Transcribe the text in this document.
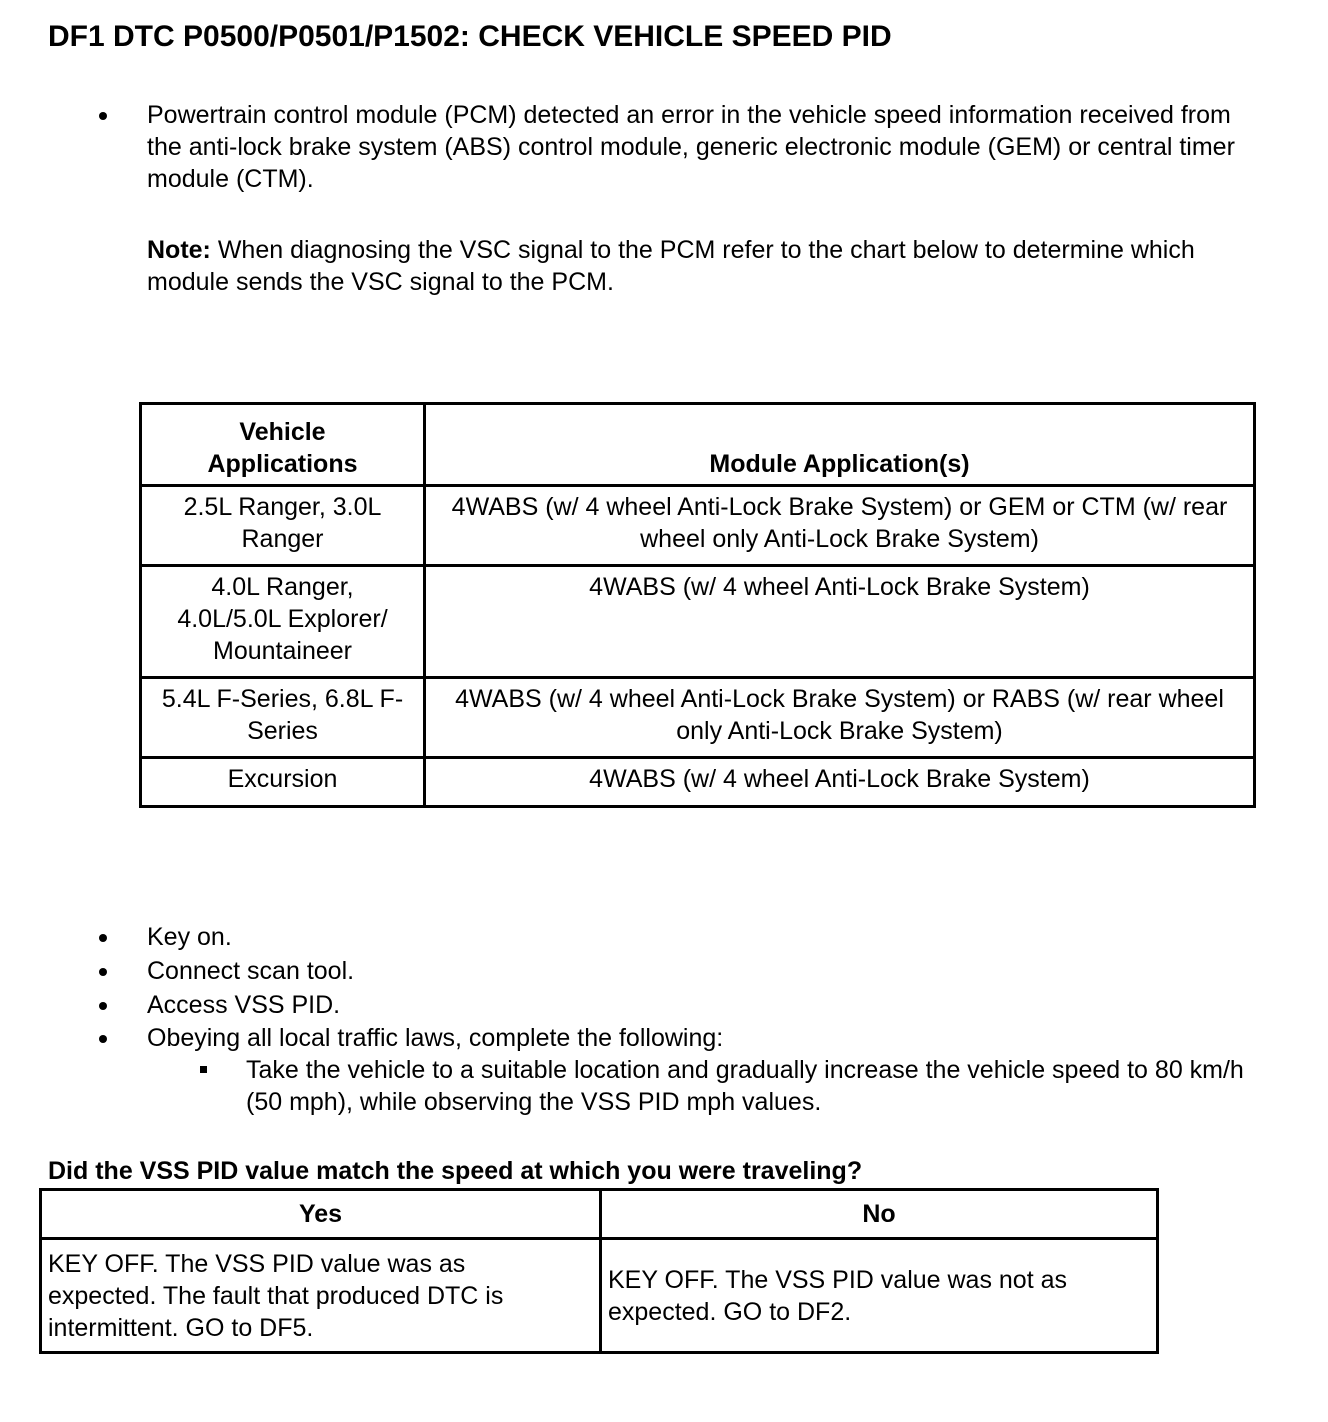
DF1 DTC P0500/P0501/P1502: CHECK VEHICLE SPEED PID
Powertrain control module (PCM) detected an error in the vehicle speed information received from the anti-lock brake system (ABS) control module, generic electronic module (GEM) or central timer module (CTM).
Note: When diagnosing the VSC signal to the PCM refer to the chart below to determine which module sends the VSC signal to the PCM.
Vehicle Applications	Module Application(s)
2.5L Ranger, 3.0L Ranger	4WABS (w/ 4 wheel Anti-Lock Brake System) or GEM or CTM (w/ rear wheel only Anti-Lock Brake System)
4.0L Ranger, 4.0L/5.0L Explorer/ Mountaineer	4WABS (w/ 4 wheel Anti-Lock Brake System)
5.4L F-Series, 6.8L F-Series	4WABS (w/ 4 wheel Anti-Lock Brake System) or RABS (w/ rear wheel only Anti-Lock Brake System)
Excursion	4WABS (w/ 4 wheel Anti-Lock Brake System)
Key on.
Connect scan tool.
Access VSS PID.
Obeying all local traffic laws, complete the following:
Take the vehicle to a suitable location and gradually increase the vehicle speed to 80 km/h (50 mph), while observing the VSS PID mph values.
Did the VSS PID value match the speed at which you were traveling?
Yes	No
KEY OFF. The VSS PID value was as expected. The fault that produced DTC is intermittent. GO to DF5.	KEY OFF. The VSS PID value was not as expected. GO to DF2.
